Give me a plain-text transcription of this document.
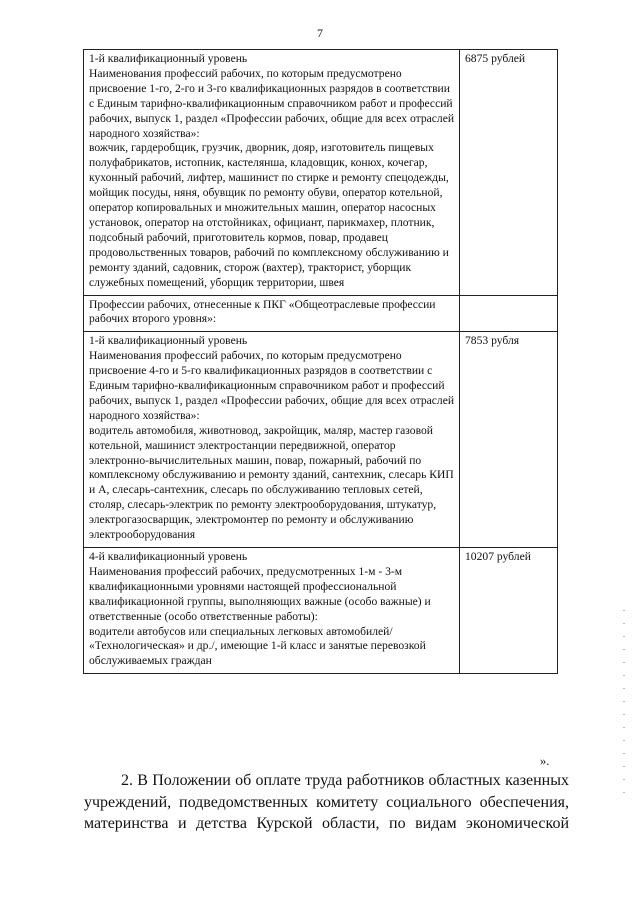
7
1-й квалификационный уровень
Наименования профессий рабочих, по которым предусмотрено присвоение 1-го, 2-го и 3-го квалификационных разрядов в соответствии с Единым тарифно-квалификационным справочником работ и профессий рабочих, выпуск 1, раздел «Профессии рабочих, общие для всех отраслей народного хозяйства»:
вожчик, гардеробщик, грузчик, дворник, дояр, изготовитель пищевых полуфабрикатов, истопник, кастеляншa, кладовщик, конюх, кочегар, кухонный рабочий, лифтер, машинист по стирке и ремонту спецодежды, мойщик посуды, няня, обувщик по ремонту обуви, оператор котельной, оператор копировальных и множительных машин, оператор насосных установок, оператор на отстойниках, официант, парикмахер, плотник, подсобный рабочий, приготовитель кормов, повар, продавец продовольственных товаров, рабочий по комплексному обслуживанию и ремонту зданий, садовник, сторож (вахтер), тракторист, уборщик служебных помещений, уборщик территории, швея	6875 рублей

Профессии рабочих, отнесенные к ПКГ «Общеотраслевые профессии рабочих второго уровня»:	

1-й квалификационный уровень
Наименования профессий рабочих, по которым предусмотрено присвоение 4-го и 5-го квалификационных разрядов в соответствии с Единым тарифно-квалификационным справочником работ и профессий рабочих, выпуск 1, раздел «Профессии рабочих, общие для всех отраслей народного хозяйства»:
водитель автомобиля, животновод, закройщик, маляр, мастер газовой котельной, машинист электростанции передвижной, оператор электронно-вычислительных машин, повар, пожарный, рабочий по комплексному обслуживанию и ремонту зданий, сантехник, слесарь КИП и А, слесарь-сантехник, слесарь по обслуживанию тепловых сетей, столяр, слесарь-электрик по ремонту электрооборудования, штукатур, электрогазосварщик, электромонтер по ремонту и обслуживанию электрооборудования	7853 рубля

4-й квалификационный уровень
Наименования профессий рабочих, предусмотренных 1-м - 3-м квалификационными уровнями настоящей профессиональной квалификационной группы, выполняющих важные (особо важные) и ответственные (особо ответственные работы):
водители автобусов или специальных легковых автомобилей/ «Технологическая» и др./, имеющие 1-й класс и занятые перевозкой обслуживаемых граждан	10207 рублей
».
2. В Положении об оплате труда работников областных казенных учреждений, подведомственных комитету социального обеспечения, материнства и детства Курской области, по видам экономической
